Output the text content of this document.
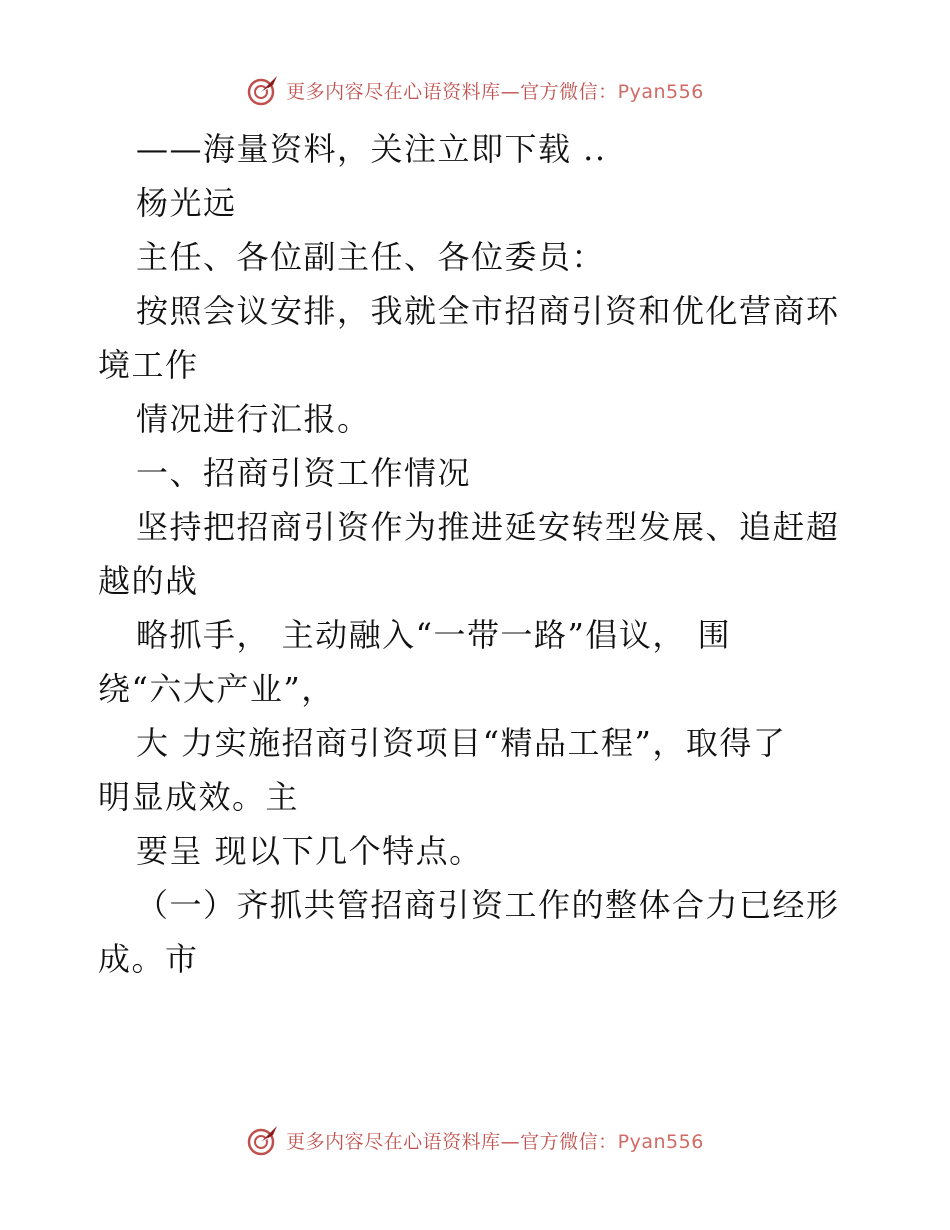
更多内容尽在心语资料库—官方微信：Pyan556
——海量资料，关注立即下载 ..
杨光远
主任、各位副主任、各位委员：
按照会议安排，我就全市招商引资和优化营商环
境工作
情况进行汇报。
一、招商引资工作情况
坚持把招商引资作为推进延安转型发展、追赶超
越的战
略抓手， 主动融入“一带一路”倡议， 围
绕“六大产业”，
大 力实施招商引资项目“精品工程”，取得了
明显成效。主
要呈 现以下几个特点。
（一）齐抓共管招商引资工作的整体合力已经形
成。市
更多内容尽在心语资料库—官方微信：Pyan556
